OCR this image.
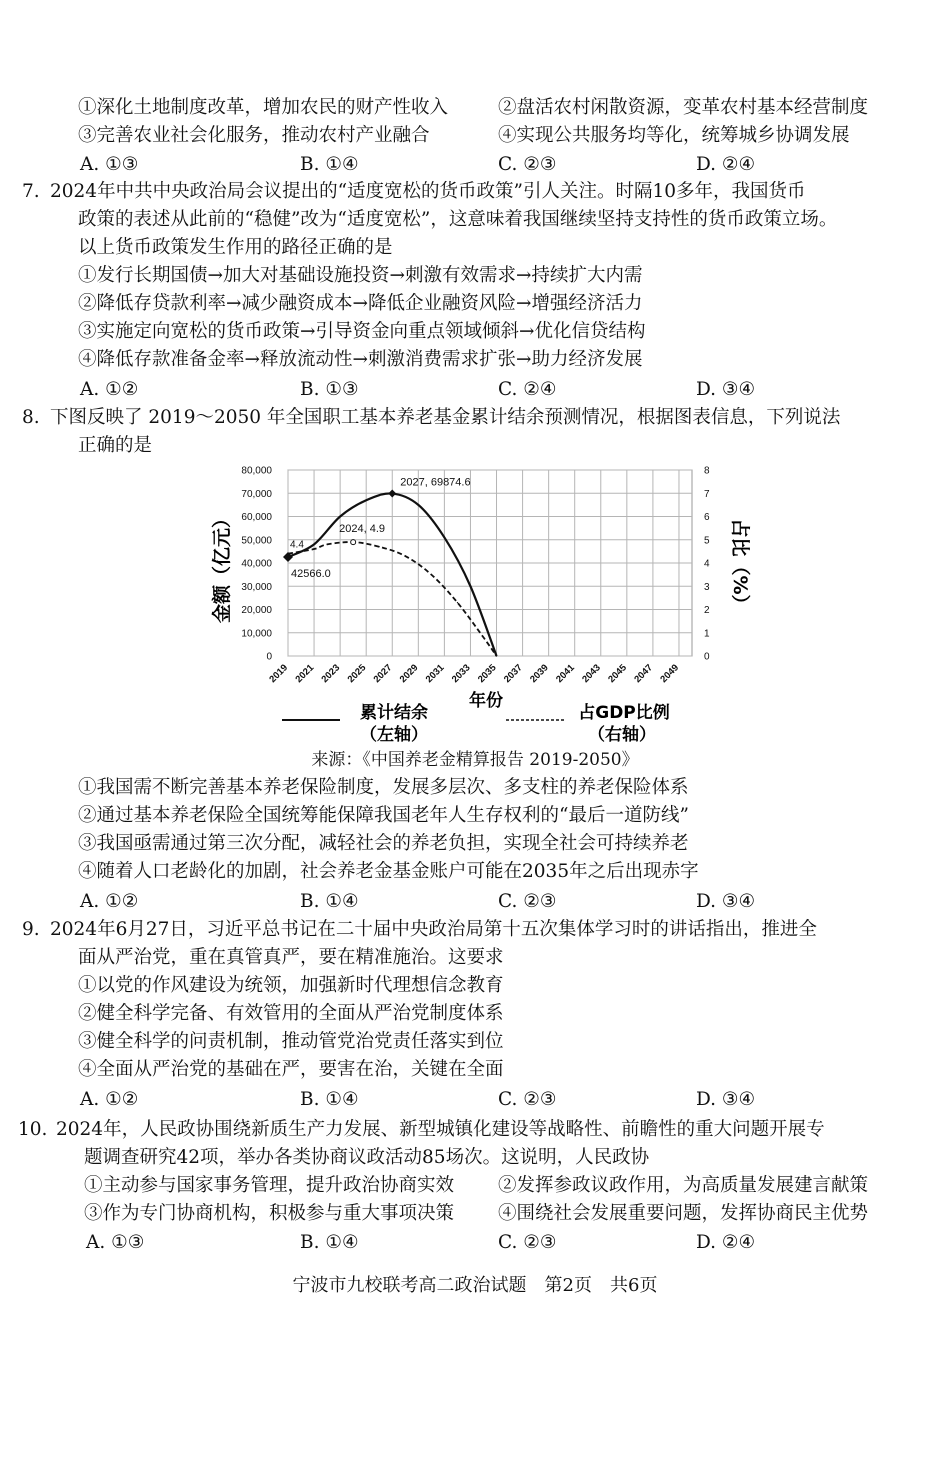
①深化土地制度改革，增加农民的财产性收入	②盘活农村闲散资源，变革农村基本经营制度
③完善农业社会化服务，推动农村产业融合	④实现公共服务均等化，统筹城乡协调发展
A. ①③	B. ①④	C. ②③	D. ②④
7. 2024年中共中央政治局会议提出的“适度宽松的货币政策”引人关注。时隔10多年，我国货币
政策的表述从此前的“稳健”改为“适度宽松”，这意味着我国继续坚持支持性的货币政策立场。
以上货币政策发生作用的路径正确的是
①发行长期国债→加大对基础设施投资→刺激有效需求→持续扩大内需
②降低存贷款利率→减少融资成本→降低企业融资风险→增强经济活力
③实施定向宽松的货币政策→引导资金向重点领域倾斜→优化信贷结构
④降低存款准备金率→释放流动性→刺激消费需求扩张→助力经济发展
A. ①②	B. ①③	C. ②④	D. ③④
8. 下图反映了 2019～2050 年全国职工基本养老基金累计结余预测情况，根据图表信息，下列说法
正确的是
0
10,000
20,000
30,000
40,000
50,000
60,000
70,000
80,000
0
1
2
3
4
5
6
7
8
2019 2021 2023 2025 2027 2029 2031 2033 2035 2037 2039 2041 2043 2045 2047 2049
2027, 69874.6
2024, 4.9
4.4
42566.0
金额（亿元）	占比（%）
年份
累计结余
（左轴）
占GDP比例
（右轴）
来源：《中国养老金精算报告 2019-2050》
①我国需不断完善基本养老保险制度，发展多层次、多支柱的养老保险体系
②通过基本养老保险全国统筹能保障我国老年人生存权利的“最后一道防线”
③我国亟需通过第三次分配，减轻社会的养老负担，实现全社会可持续养老
④随着人口老龄化的加剧，社会养老金基金账户可能在2035年之后出现赤字
A. ①②	B. ①④	C. ②③	D. ③④
9. 2024年6月27日，习近平总书记在二十届中央政治局第十五次集体学习时的讲话指出，推进全
面从严治党，重在真管真严，要在精准施治。这要求
①以党的作风建设为统领，加强新时代理想信念教育
②健全科学完备、有效管用的全面从严治党制度体系
③健全科学的问责机制，推动管党治党责任落实到位
④全面从严治党的基础在严，要害在治，关键在全面
A. ①②	B. ①④	C. ②③	D. ③④
10. 2024年，人民政协围绕新质生产力发展、新型城镇化建设等战略性、前瞻性的重大问题开展专
题调查研究42项，举办各类协商议政活动85场次。这说明，人民政协
①主动参与国家事务管理，提升政治协商实效 ②发挥参政议政作用，为高质量发展建言献策
③作为专门协商机构，积极参与重大事项决策 ④围绕社会发展重要问题，发挥协商民主优势
A. ①③	B. ①④	C. ②③	D. ②④
宁波市九校联考高二政治试题　第2页　共6页
